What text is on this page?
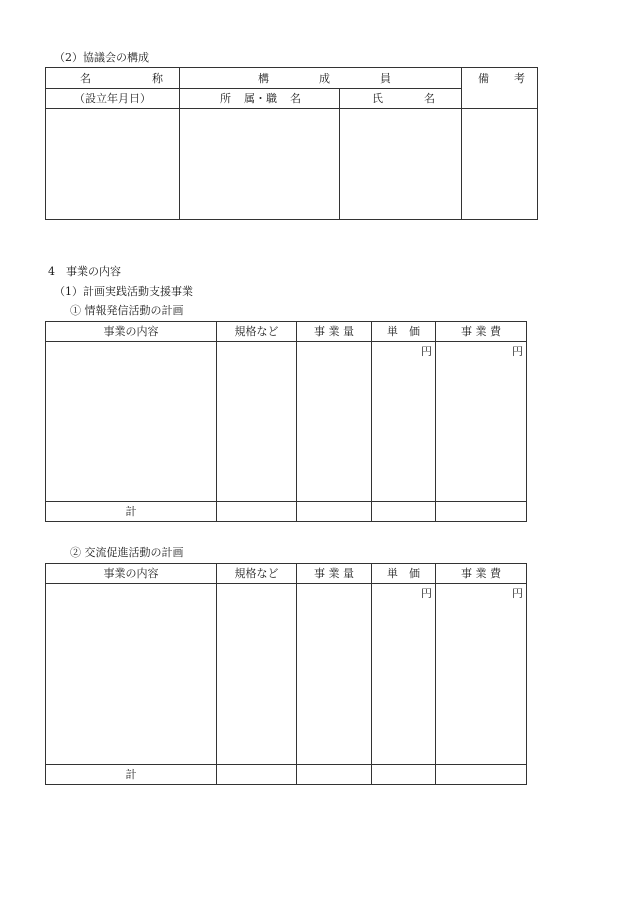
（2）協議会の構成
名 称	構 成 員		備 考

（設立年月日）	所 属・職 名	氏 名	

4　事業の内容
（1）計画実践活動支援事業
① 情報発信活動の計画
事業の内容	規格など	事 業 量	単　価	事 業 費
			円	円
計				
② 交流促進活動の計画
事業の内容	規格など	事 業 量	単　価	事 業 費
			円	円
計				
